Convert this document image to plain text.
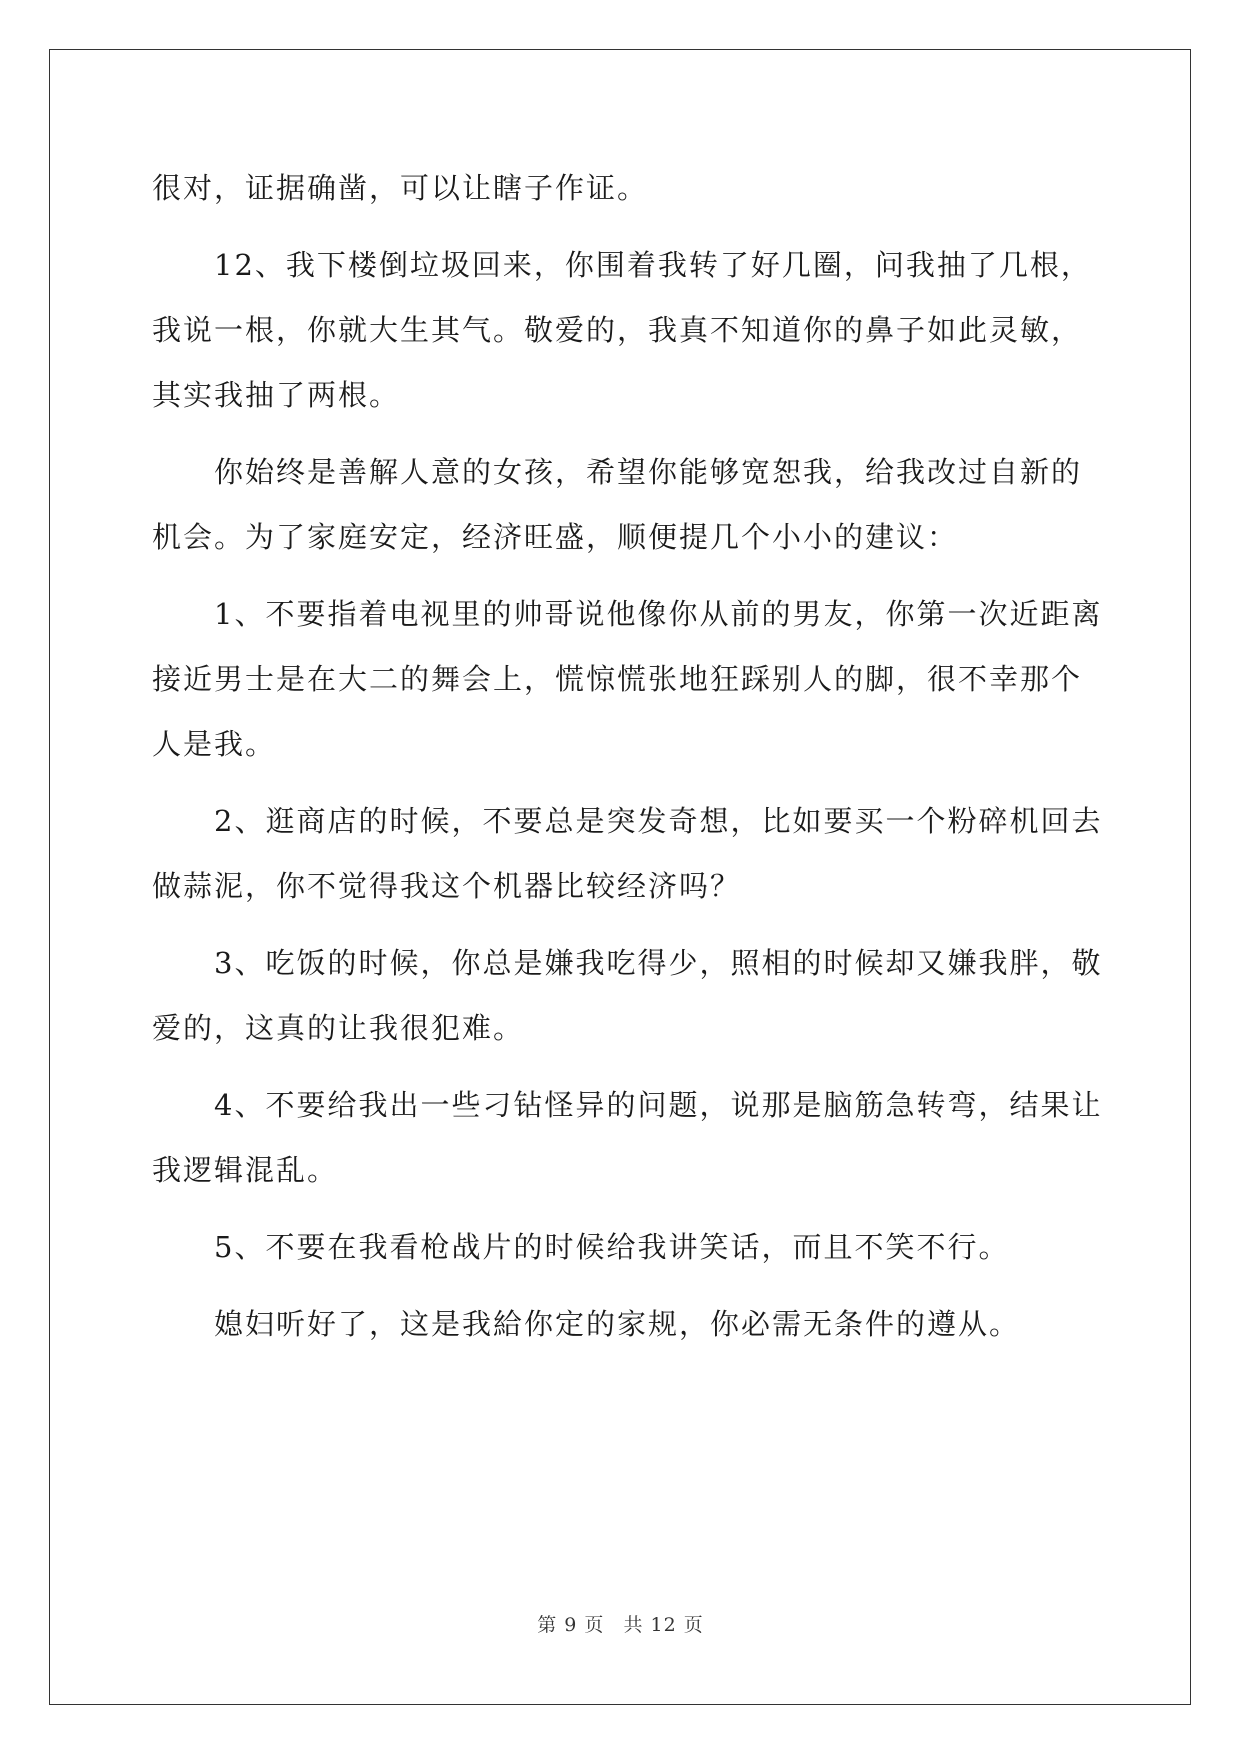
很对，证据确凿，可以让瞎子作证。

12、我下楼倒垃圾回来，你围着我转了好几圈，问我抽了几根，
我说一根，你就大生其气。敬爱的，我真不知道你的鼻子如此灵敏，
其实我抽了两根。

你始终是善解人意的女孩，希望你能够宽恕我，给我改过自新的
机会。为了家庭安定，经济旺盛，顺便提几个小小的建议：

1、不要指着电视里的帅哥说他像你从前的男友，你第一次近距离
接近男士是在大二的舞会上，慌惊慌张地狂踩别人的脚，很不幸那个
人是我。

2、逛商店的时候，不要总是突发奇想，比如要买一个粉碎机回去
做蒜泥，你不觉得我这个机器比较经济吗？

3、吃饭的时候，你总是嫌我吃得少，照相的时候却又嫌我胖，敬
爱的，这真的让我很犯难。

4、不要给我出一些刁钻怪异的问题，说那是脑筋急转弯，结果让
我逻辑混乱。

5、不要在我看枪战片的时候给我讲笑话，而且不笑不行。

媳妇听好了，这是我給你定的家规，你必需无条件的遵从。

第 9 页 共 12 页
